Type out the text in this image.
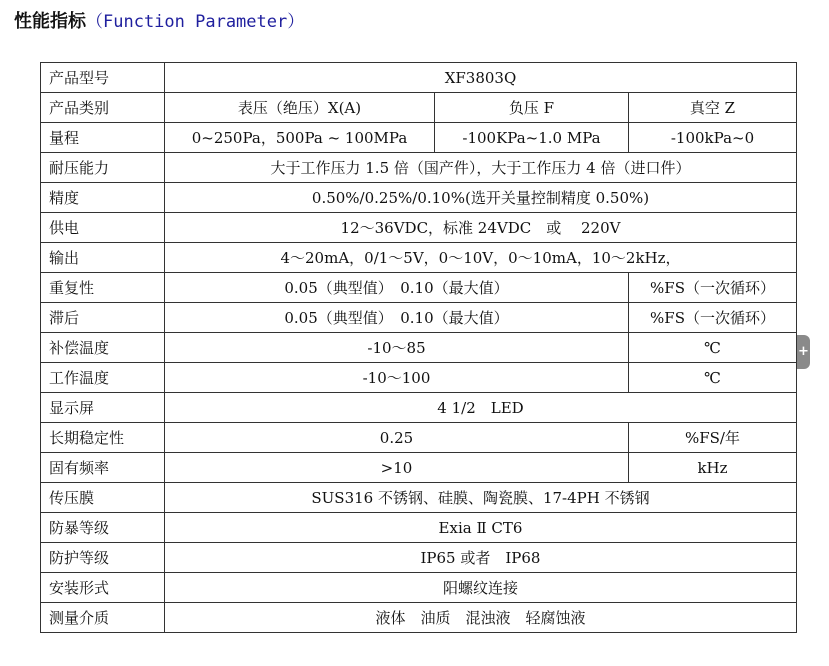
性能指标（Function Parameter）
产品型号	XF3803Q		
产品类别	表压（绝压）X(A)	负压 F	真空 Z
量程	0~250Pa，500Pa ~ 100MPa	-100KPa~1.0 MPa	-100kPa~0
耐压能力	大于工作压力 1.5 倍（国产件），大于工作压力 4 倍（进口件）		
精度	0.50%/0.25%/0.10%(选开关量控制精度 0.50%)		
供电	12～36VDC，标准 24VDC　或　 220V		
输出	4～20mA，0/1～5V，0～10V，0～10mA，10～2kHz，		
重复性	0.05（典型值）　0.10（最大值）		%FS（一次循环）
滞后	0.05（典型值）　0.10（最大值）		%FS（一次循环）
补偿温度	-10～85		℃
工作温度	-10～100		℃
显示屏	4 1/2　LED		
长期稳定性	0.25		%FS/年
固有频率	>10		kHz
传压膜	SUS316 不锈钢、硅膜、陶瓷膜、17-4PH 不锈钢		
防暴等级	Exia Ⅱ CT6		
防护等级	IP65 或者　IP68		
安装形式	阳螺纹连接		
测量介质	液体　油质　混浊液　轻腐蚀液		
+
